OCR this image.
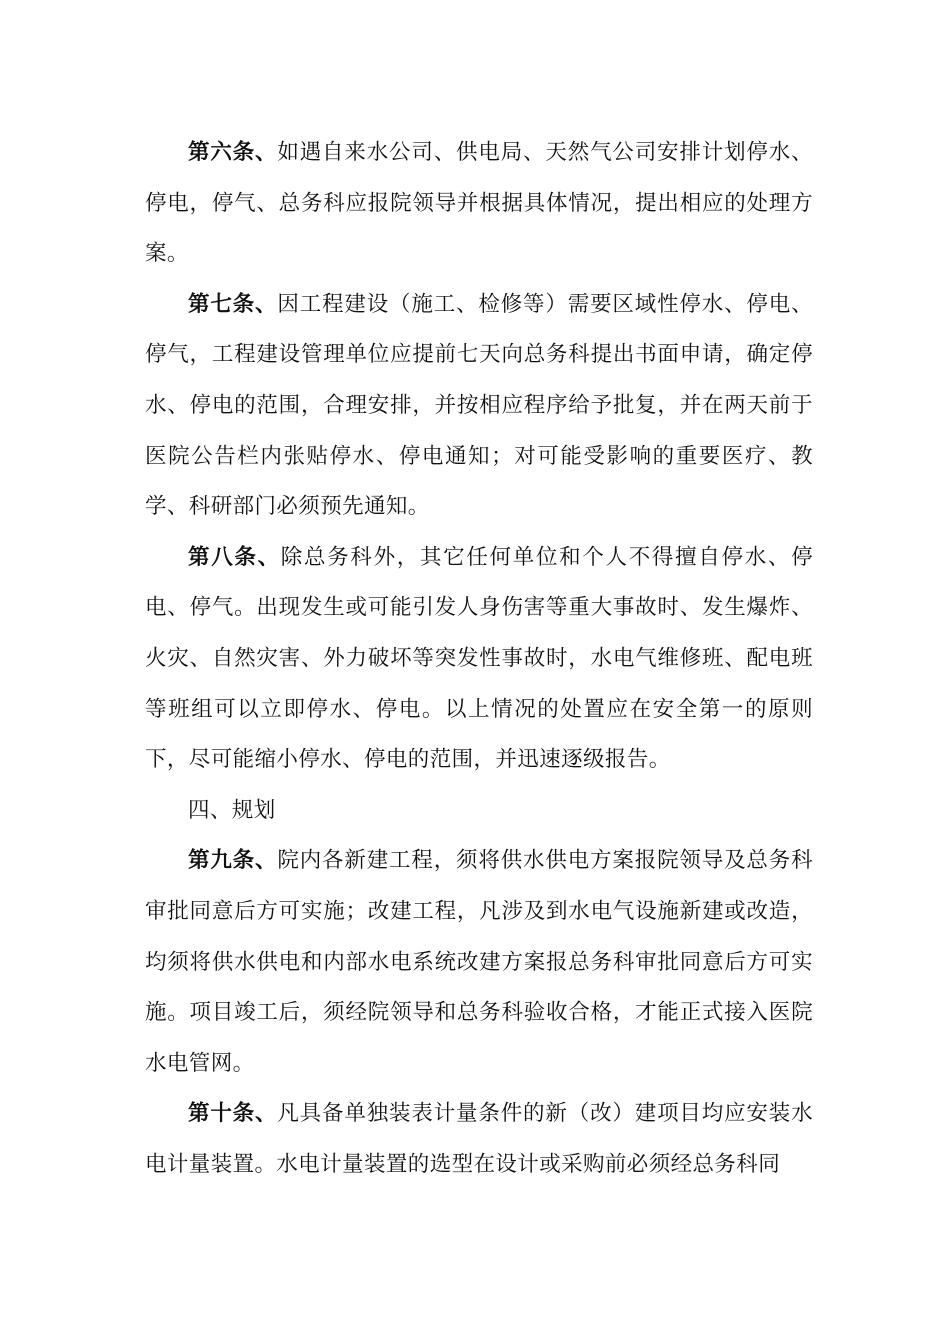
第六条、如遇自来水公司、供电局、天然气公司安排计划停水、停电，停气、总务科应报院领导并根据具体情况，提出相应的处理方案。

第七条、因工程建设（施工、检修等）需要区域性停水、停电、停气，工程建设管理单位应提前七天向总务科提出书面申请，确定停水、停电的范围，合理安排，并按相应程序给予批复，并在两天前于医院公告栏内张贴停水、停电通知；对可能受影响的重要医疗、教学、科研部门必须预先通知。

第八条、除总务科外，其它任何单位和个人不得擅自停水、停电、停气。出现发生或可能引发人身伤害等重大事故时、发生爆炸、火灾、自然灾害、外力破坏等突发性事故时，水电气维修班、配电班等班组可以立即停水、停电。以上情况的处置应在安全第一的原则下，尽可能缩小停水、停电的范围，并迅速逐级报告。

四、规划

第九条、院内各新建工程，须将供水供电方案报院领导及总务科审批同意后方可实施；改建工程，凡涉及到水电气设施新建或改造，均须将供水供电和内部水电系统改建方案报总务科审批同意后方可实施。项目竣工后，须经院领导和总务科验收合格，才能正式接入医院水电管网。

第十条、凡具备单独装表计量条件的新（改）建项目均应安装水电计量装置。水电计量装置的选型在设计或采购前必须经总务科同
